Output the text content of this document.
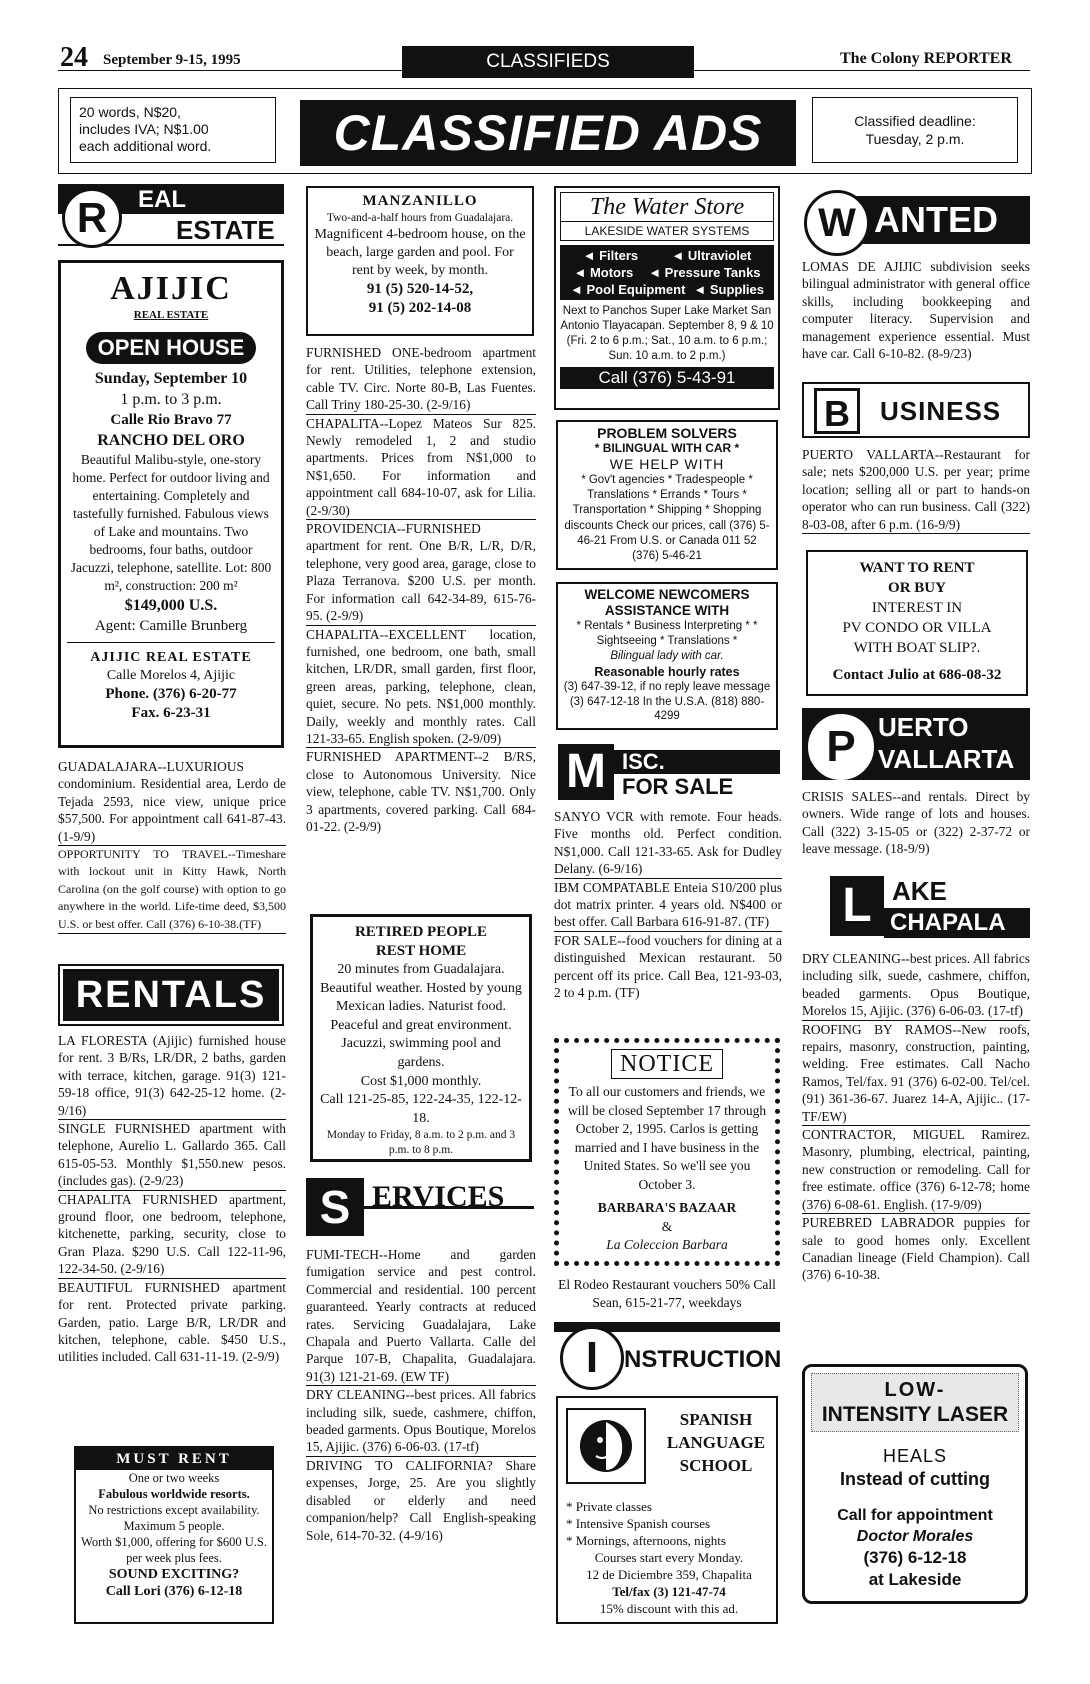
24 September 9-15, 1995	CLASSIFIEDS	The Colony REPORTER
20 words, N$20,
includes IVA; N$1.00
each additional word.	CLASSIFIED ADS	Classified deadline:
Tuesday, 2 p.m.
R	EAL
ESTATE
AJIJIC
REAL ESTATE
OPEN HOUSE
Sunday, September 10
1 p.m. to 3 p.m.
Calle Rio Bravo 77
RANCHO DEL ORO
Beautiful Malibu-style, one-story home. Perfect for outdoor living and entertaining. Completely and tastefully furnished. Fabulous views of Lake and mountains. Two bedrooms, four baths, outdoor Jacuzzi, telephone, satellite. Lot: 800 m², construction: 200 m²
$149,000 U.S.
Agent: Camille Brunberg
AJIJIC REAL ESTATE
Calle Morelos 4, Ajijic
Phone. (376) 6-20-77
Fax. 6-23-31

GUADALAJARA--LUXURIOUS condominium. Residential area, Lerdo de Tejada 2593, nice view, unique price $57,500. For appointment call 641-87-43. (1-9/9)

OPPORTUNITY TO TRAVEL--Timeshare with lockout unit in Kitty Hawk, North Carolina (on the golf course) with option to go anywhere in the world. Life-time deed, $3,500 U.S. or best offer. Call (376) 6-10-38.(TF)

RENTALS

LA FLORESTA (Ajijic) furnished house for rent. 3 B/Rs, LR/DR, 2 baths, garden with terrace, kitchen, garage. 91(3) 121-59-18 office, 91(3) 642-25-12 home. (2-9/16)

SINGLE FURNISHED apartment with telephone, Aurelio L. Gallardo 365. Call 615-05-53. Monthly $1,550.new pesos. (includes gas). (2-9/23)

CHAPALITA FURNISHED apartment, ground floor, one bedroom, telephone, kitchenette, parking, security, close to Gran Plaza. $290 U.S. Call 122-11-96, 122-34-50. (2-9/16)

BEAUTIFUL FURNISHED apartment for rent. Protected private parking. Garden, patio. Large B/R, LR/DR and kitchen, telephone, cable. $450 U.S., utilities included. Call 631-11-19. (2-9/9)

MUST RENT
One or two weeks
Fabulous worldwide resorts.
No restrictions except availability.
Maximum 5 people.
Worth $1,000, offering for $600 U.S. per week plus fees.
SOUND EXCITING?
Call Lori (376) 6-12-18
MANZANILLO
Two-and-a-half hours from Guadalajara.
Magnificent 4-bedroom house, on the beach, large garden and pool. For rent by week, by month.
91 (5) 520-14-52,
91 (5) 202-14-08

FURNISHED ONE-bedroom apartment for rent. Utilities, telephone extension, cable TV. Circ. Norte 80-B, Las Fuentes. Call Triny 180-25-30. (2-9/16)

CHAPALITA--Lopez Mateos Sur 825. Newly remodeled 1, 2 and studio apartments. Prices from N$1,000 to N$1,650. For information and appointment call 684-10-07, ask for Lilia. (2-9/30)

PROVIDENCIA--FURNISHED apartment for rent. One B/R, L/R, D/R, telephone, very good area, garage, close to Plaza Terranova. $200 U.S. per month. For information call 642-34-89, 615-76-95. (2-9/9)

CHAPALITA--EXCELLENT location, furnished, one bedroom, one bath, small kitchen, LR/DR, small garden, first floor, green areas, parking, telephone, clean, quiet, secure. No pets. N$1,000 monthly. Daily, weekly and monthly rates. Call 121-33-65. English spoken. (2-9/09)

FURNISHED APARTMENT--2 B/RS, close to Autonomous University. Nice view, telephone, cable TV. N$1,700. Only 3 apartments, covered parking. Call 684-01-22. (2-9/9)

RETIRED PEOPLE
REST HOME
20 minutes from Guadalajara. Beautiful weather. Hosted by young Mexican ladies. Naturist food. Peaceful and great environment. Jacuzzi, swimming pool and gardens.
Cost $1,000 monthly.
Call 121-25-85, 122-24-35, 122-12-18.
Monday to Friday, 8 a.m. to 2 p.m. and 3 p.m. to 8 p.m.
S ERVICES

FUMI-TECH--Home and garden fumigation service and pest control. Commercial and residential. 100 percent guaranteed. Yearly contracts at reduced rates. Servicing Guadalajara, Lake Chapala and Puerto Vallarta. Calle del Parque 107-B, Chapalita, Guadalajara. 91(3) 121-21-69. (EW TF)

DRY CLEANING--best prices. All fabrics including silk, suede, cashmere, chiffon, beaded garments. Opus Boutique, Morelos 15, Ajijic. (376) 6-06-03. (17-tf)

DRIVING TO CALIFORNIA? Share expenses, Jorge, 25. Are you slightly disabled or elderly and need companion/help? Call English-speaking Sole, 614-70-32. (4-9/16)

The Water Store
LAKESIDE WATER SYSTEMS
◄ Filters	◄ Ultraviolet
◄ Motors ◄ Pressure Tanks
◄ Pool Equipment ◄ Supplies
Next to Panchos Super Lake Market San Antonio Tlayacapan. September 8, 9 & 10 (Fri. 2 to 6 p.m.; Sat., 10 a.m. to 6 p.m.; Sun. 10 a.m. to 2 p.m.)
Call (376) 5-43-91
PROBLEM SOLVERS
* BILINGUAL WITH CAR *
WE HELP WITH
* Gov't agencies * Tradespeople * Translations * Errands * Tours * Transportation * Shipping * Shopping discounts Check our prices, call (376) 5-46-21 From U.S. or Canada 011 52 (376) 5-46-21
WELCOME NEWCOMERS
ASSISTANCE WITH
* Rentals * Business Interpreting * * Sightseeing * Translations *
Bilingual lady with car.
Reasonable hourly rates
(3) 647-39-12, if no reply leave message (3) 647-12-18 In the U.S.A. (818) 880-4299
M ISC.
FOR SALE

SANYO VCR with remote. Four heads. Five months old. Perfect condition. N$1,000. Call 121-33-65. Ask for Dudley Delany. (6-9/16)

IBM COMPATABLE Enteia S10/200 plus dot matrix printer. 4 years old. N$400 or best offer. Call Barbara 616-91-87. (TF)

FOR SALE--food vouchers for dining at a distinguished Mexican restaurant. 50 percent off its price. Call Bea, 121-93-03, 2 to 4 p.m. (TF)

NOTICE
To all our customers and friends, we will be closed September 17 through October 2, 1995. Carlos is getting married and I have business in the United States. So we'll see you October 3.
BARBARA'S BAZAAR
&
La Coleccion Barbara
El Rodeo Restaurant vouchers 50% Call Sean, 615-21-77, weekdays
I	NSTRUCTION
SPANISH
LANGUAGE
SCHOOL
* Private classes
* Intensive Spanish courses
* Mornings, afternoons, nights
Courses start every Monday.
12 de Diciembre 359, Chapalita
Tel/fax (3) 121-47-74
15% discount with this ad.
W ANTED
LOMAS DE AJIJIC subdivision seeks bilingual administrator with general office skills, including bookkeeping and computer literacy. Supervision and management experience essential. Must have car. Call 6-10-82. (8-9/23)
B	USINESS
PUERTO VALLARTA--Restaurant for sale; nets $200,000 U.S. per year; prime location; selling all or part to hands-on operator who can run business. Call (322) 8-03-08, after 6 p.m. (16-9/9)
WANT TO RENT
OR BUY
INTEREST IN
PV CONDO OR VILLA
WITH BOAT SLIP?.
Contact Julio at 686-08-32
P UERTO
VALLARTA
CRISIS SALES--and rentals. Direct by owners. Wide range of lots and houses. Call (322) 3-15-05 or (322) 2-37-72 or leave message. (18-9/9)
L AKE
CHAPALA

DRY CLEANING--best prices. All fabrics including silk, suede, cashmere, chiffon, beaded garments. Opus Boutique, Morelos 15, Ajijic. (376) 6-06-03. (17-tf)

ROOFING BY RAMOS--New roofs, repairs, masonry, construction, painting, welding. Free estimates. Call Nacho Ramos, Tel/fax. 91 (376) 6-02-00. Tel/cel. (91) 361-36-67. Juarez 14-A, Ajijic.. (17-TF/EW)

CONTRACTOR, MIGUEL Ramirez. Masonry, plumbing, electrical, painting, new construction or remodeling. Call for free estimate. office (376) 6-12-78; home (376) 6-08-61. English. (17-9/09)

PUREBRED LABRADOR puppies for sale to good homes only. Excellent Canadian lineage (Field Champion). Call (376) 6-10-38.

LOW-
INTENSITY LASER
HEALS
Instead of cutting
Call for appointment
Doctor Morales
(376) 6-12-18
at Lakeside
